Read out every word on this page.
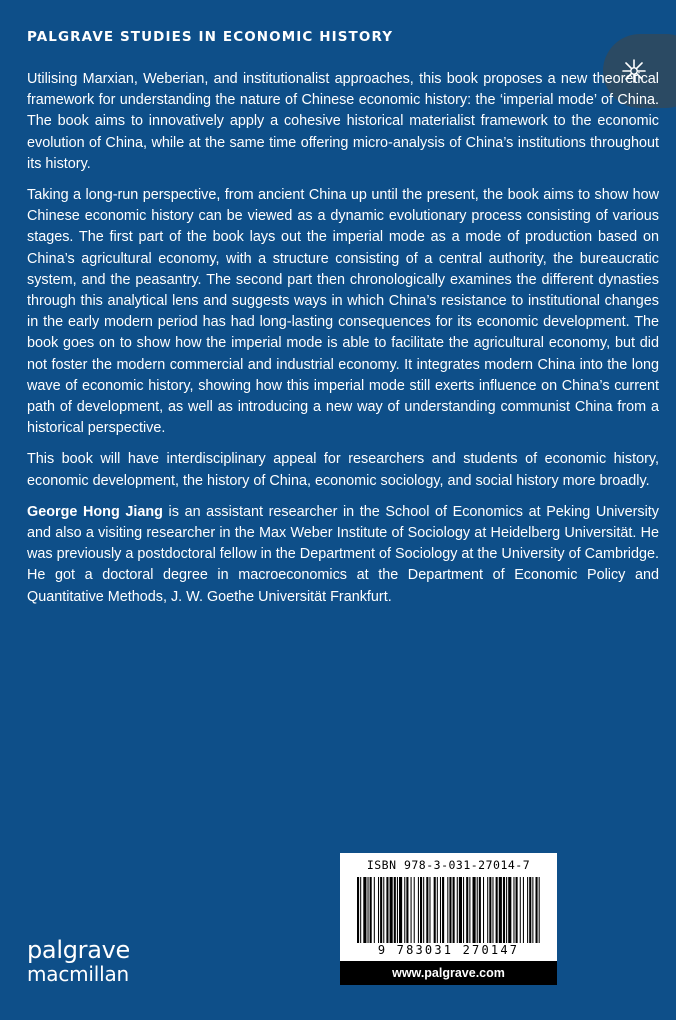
PALGRAVE STUDIES IN ECONOMIC HISTORY

Utilising Marxian, Weberian, and institutionalist approaches, this book proposes a new theoretical framework for understanding the nature of Chinese economic history: the ‘imperial mode’ of China. The book aims to innovatively apply a cohesive historical materialist framework to the economic evolution of China, while at the same time offering micro-analysis of China’s institutions throughout its history.

Taking a long-run perspective, from ancient China up until the present, the book aims to show how Chinese economic history can be viewed as a dynamic evolutionary process consisting of various stages. The first part of the book lays out the imperial mode as a mode of production based on China’s agricultural economy, with a structure consisting of a central authority, the bureaucratic system, and the peasantry. The second part then chronologically examines the different dynasties through this analytical lens and suggests ways in which China’s resistance to institutional changes in the early modern period has had long-lasting consequences for its economic development. The book goes on to show how the imperial mode is able to facilitate the agricultural economy, but did not foster the modern commercial and industrial economy. It integrates modern China into the long wave of economic history, showing how this imperial mode still exerts influence on China’s current path of development, as well as introducing a new way of understanding communist China from a historical perspective.

This book will have interdisciplinary appeal for researchers and students of economic history, economic development, the history of China, economic sociology, and social history more broadly.

George Hong Jiang is an assistant researcher in the School of Economics at Peking University and also a visiting researcher in the Max Weber Institute of Sociology at Heidelberg Universität. He was previously a postdoctoral fellow in the Department of Sociology at the University of Cambridge. He got a doctoral degree in macroeconomics at the Department of Economic Policy and Quantitative Methods, J. W. Goethe Universität Frankfurt.

ISBN 978-3-031-27014-7
9 783031 270147
www.palgrave.com
palgrave
macmillan
